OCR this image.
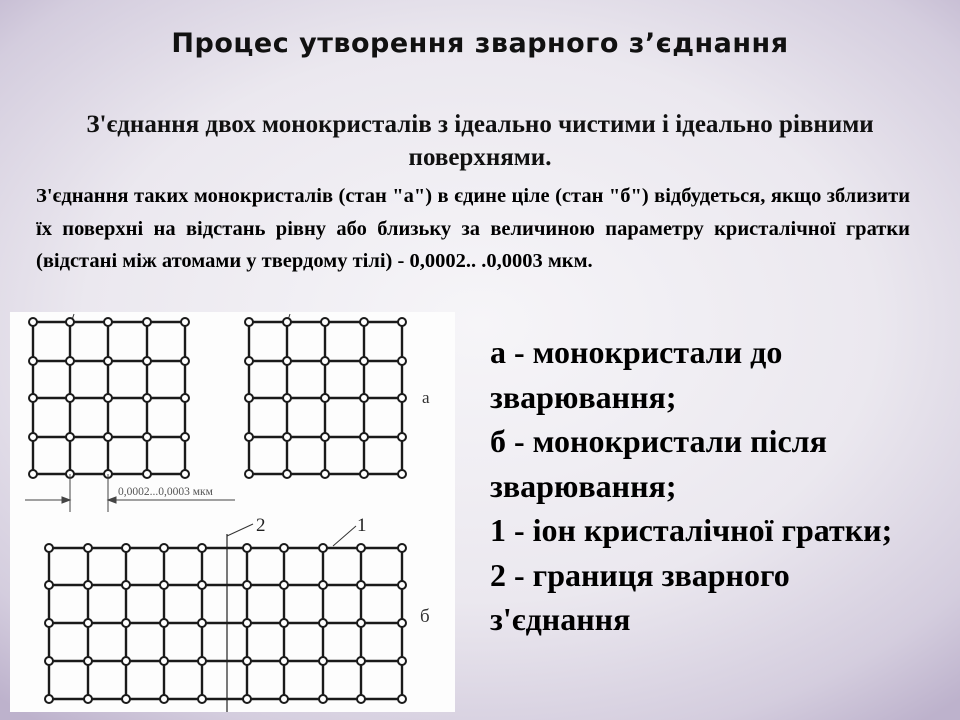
Процес утворення зварного з’єднання
З'єднання двох монокристалів з ідеально чистими і ідеально рівними поверхнями.
З'єднання таких монокристалів (стан "а") в єдине ціле (стан "б") відбудеться, якщо зблизити їх поверхні на відстань рівну або близьку за величиною параметру кристалічної гратки (відстані між атомами у твердому тілі) - 0,0002.. .0,0003 мкм.
0,0002...0,0003 мкм
а
2	1
б
а - монокристали до зварювання;
б - монокристали після зварювання;
1 - іон кристалічної гратки;
2 - границя зварного з'єднання
